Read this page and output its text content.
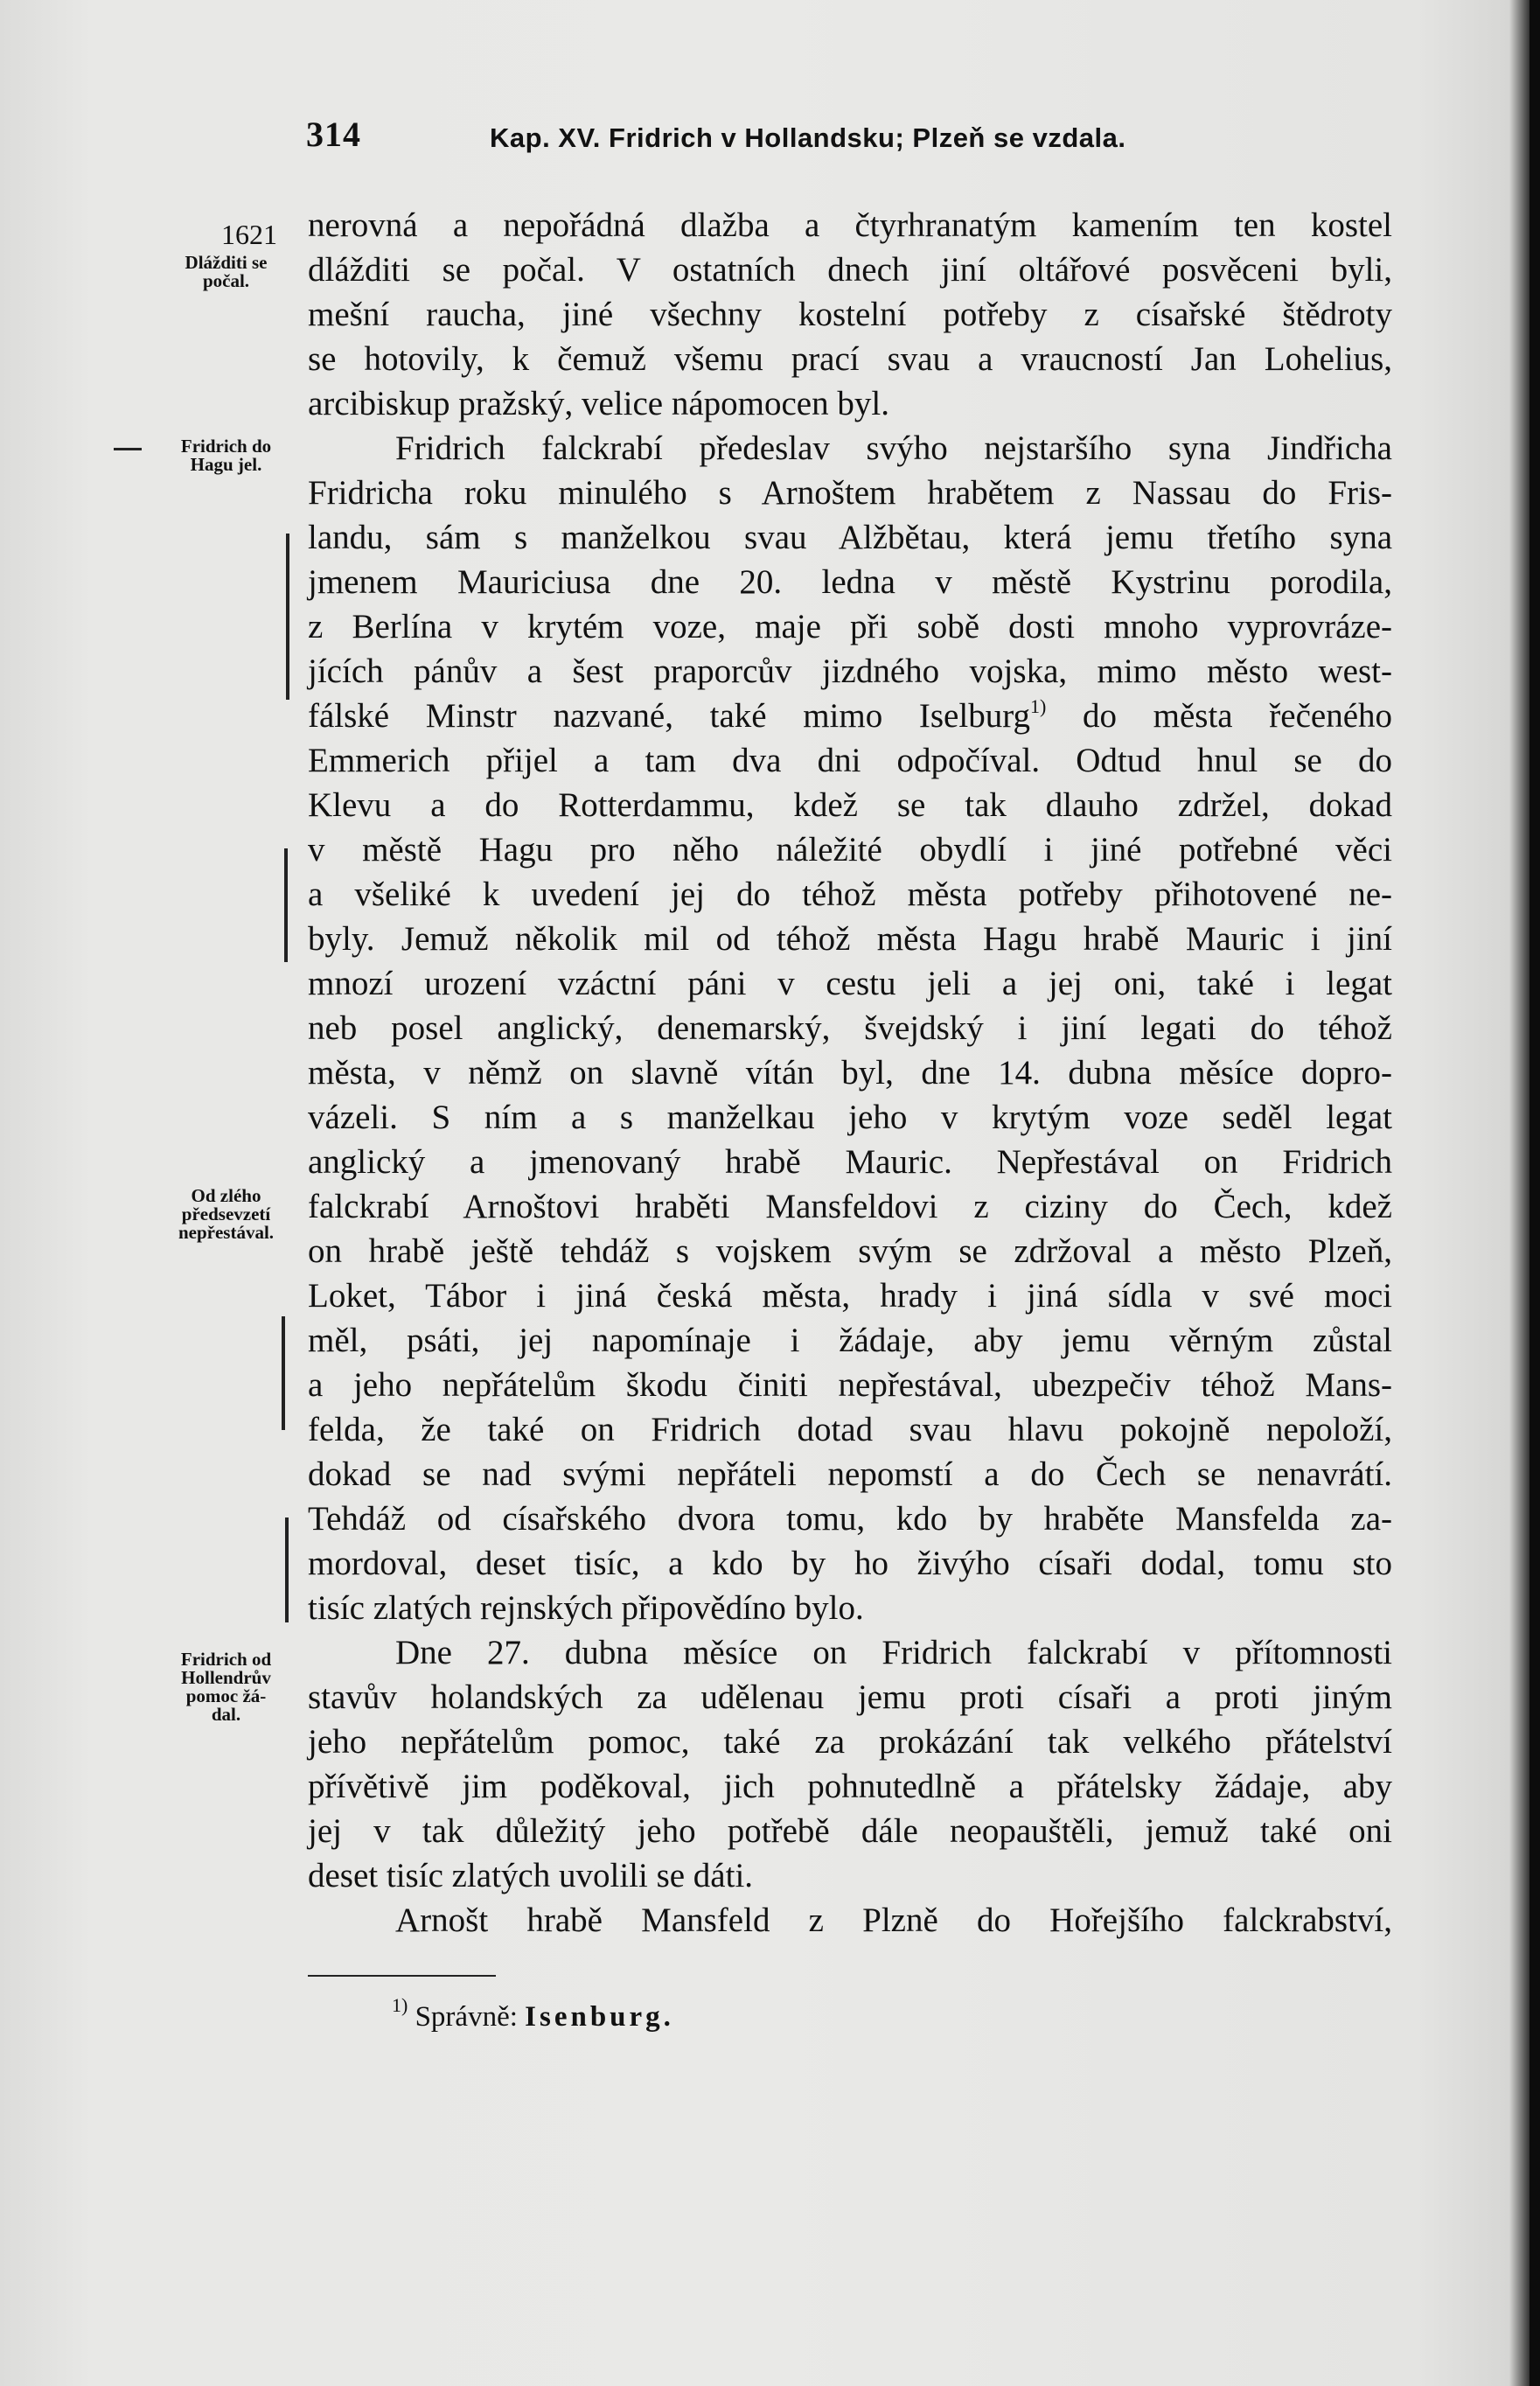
314	Kap. XV. Fridrich v Hollandsku; Plzeň se vzdala.
1621
Dlážditi se
počal.
Fridrich do
Hagu jel.
Od zlého
předsevzetí
nepřestával.
Fridrich od
Hollendrův
pomoc žá-
dal.
nerovná a nepořádná dlažba a čtyrhranatým kamením ten kostel
dlážditi se počal. V ostatních dnech jiní oltářové posvěceni byli,
mešní raucha, jiné všechny kostelní potřeby z císařské štědroty
se hotovily, k čemuž všemu prací svau a vraucností Jan Lohelius,
arcibiskup pražský, velice nápomocen byl.
Fridrich falckrabí předeslav svýho nejstaršího syna Jindřicha
Fridricha roku minulého s Arnoštem hrabětem z Nassau do Fris-
landu, sám s manželkou svau Alžbětau, která jemu třetího syna
jmenem Mauriciusa dne 20. ledna v městě Kystrinu porodila,
z Berlína v krytém voze, maje při sobě dosti mnoho vyprovráze-
jících pánův a šest praporcův jizdného vojska, mimo město west-
fálské Minstr nazvané, také mimo Iselburg$^{1)}$ do města řečeného
Emmerich přijel a tam dva dni odpočíval. Odtud hnul se do
Klevu a do Rotterdammu, kdež se tak dlauho zdržel, dokad
v městě Hagu pro něho náležité obydlí i jiné potřebné věci
a všeliké k uvedení jej do téhož města potřeby přihotovené ne-
byly. Jemuž několik mil od téhož města Hagu hrabě Mauric i jiní
mnozí urození vzáctní páni v cestu jeli a jej oni, také i legat
neb posel anglický, denemarský, švejdský i jiní legati do téhož
města, v němž on slavně vítán byl, dne 14. dubna měsíce dopro-
vázeli. S ním a s manželkau jeho v krytým voze seděl legat
anglický a jmenovaný hrabě Mauric. Nepřestával on Fridrich
falckrabí Arnoštovi hraběti Mansfeldovi z ciziny do Čech, kdež
on hrabě ještě tehdáž s vojskem svým se zdržoval a město Plzeň,
Loket, Tábor i jiná česká města, hrady i jiná sídla v své moci
měl, psáti, jej napomínaje i žádaje, aby jemu věrným zůstal
a jeho nepřátelům škodu činiti nepřestával, ubezpečiv téhož Mans-
felda, že také on Fridrich dotad svau hlavu pokojně nepoloží,
dokad se nad svými nepřáteli nepomstí a do Čech se nenavrátí.
Tehdáž od císařského dvora tomu, kdo by hraběte Mansfelda za-
mordoval, deset tisíc, a kdo by ho živýho císaři dodal, tomu sto
tisíc zlatých rejnských připovědíno bylo.
Dne 27. dubna měsíce on Fridrich falckrabí v přítomnosti
stavův holandských za udělenau jemu proti císaři a proti jiným
jeho nepřátelům pomoc, také za prokázání tak velkého přátelství
přívětivě jim poděkoval, jich pohnutedlně a přátelsky žádaje, aby
jej v tak důležitý jeho potřebě dále neopauštěli, jemuž také oni
deset tisíc zlatých uvolili se dáti.
Arnošt hrabě Mansfeld z Plzně do Hořejšího falckrabství,
$^{1)}$ Správně: Isenburg.
